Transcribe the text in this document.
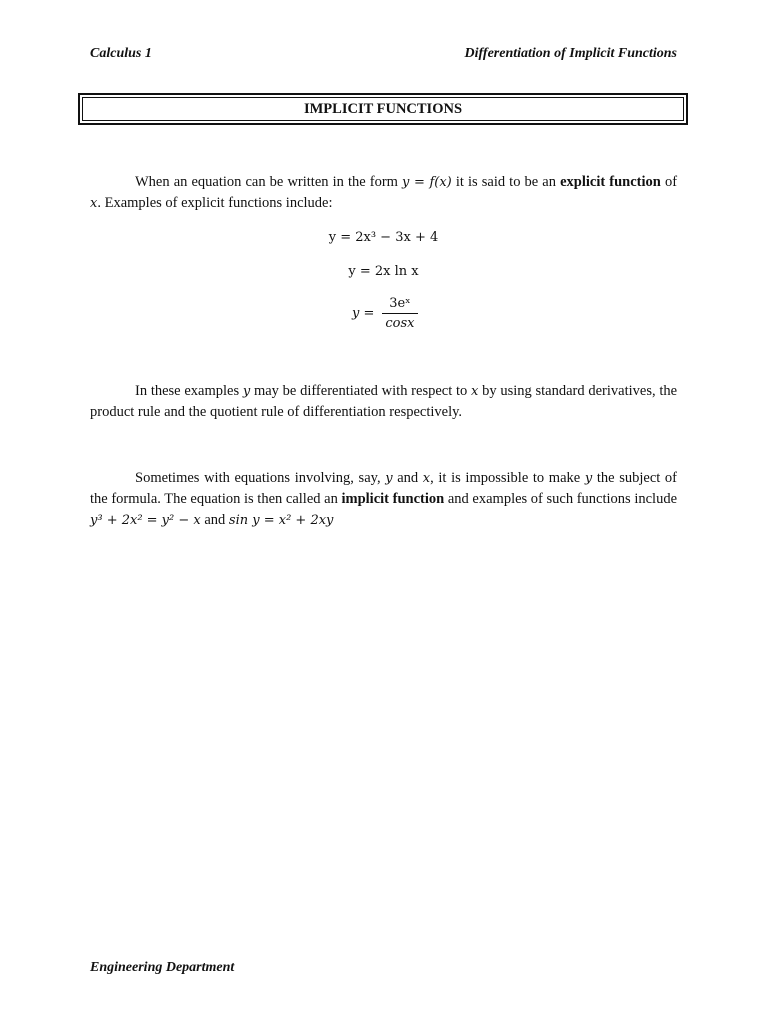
Calculus 1	Differentiation of Implicit Functions
IMPLICIT FUNCTIONS
When an equation can be written in the form y = f(x) it is said to be an explicit function of x. Examples of explicit functions include:
y = 2x³ − 3x + 4
y = 2x ln x
$y = \frac{\text{3eˣ}}{\cos x}$
In these examples y may be differentiated with respect to x by using standard derivatives, the product rule and the quotient rule of differentiation respectively.
Sometimes with equations involving, say, y and x, it is impossible to make y the subject of the formula. The equation is then called an implicit function and examples of such functions include y³ + 2x² = y² − x and sin y = x² + 2xy
Engineering Department
